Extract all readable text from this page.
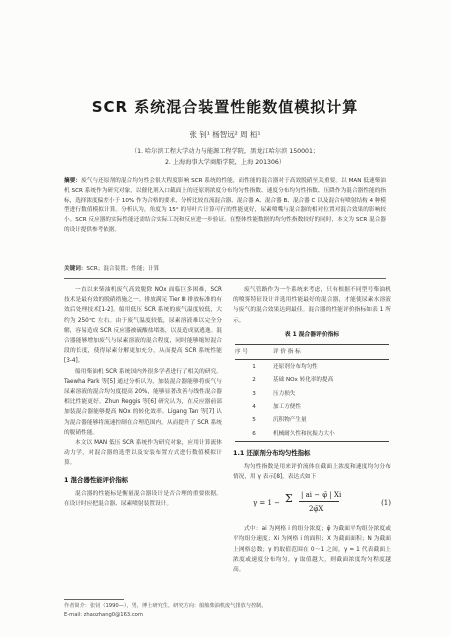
SCR 系统混合装置性能数值模拟计算
张 钊¹ 杨智远² 周 桓¹
（1. 哈尔滨工程大学动力与能源工程学院，黑龙江哈尔滨 150001；
2. 上海海事大学商船学院，上海 201306）
摘要：废气与还原剂的混合均匀性会很大程度影响 SCR 系统的性能，而性能的混合器对于高效脱硝至关重要。以 MAN 低速柴油机 SCR 系统作为研究对象，以催化剂入口截面上的还原剂浓度分布均匀性指数、速度分布均匀性指数、压降作为混合器性能的指标，选择浓度偏差小于 10% 作为合格的要求，分析比较直流混合器、混合器 A、混合器 B、混合器 C 以及混合有喷射结构 4 种模型进行数值模拟计算。分析认为，角度为 15° 的导叶片计算可行的性能更好，尿素喷嘴与混合器的相对位置对混合效果的影响较小。SCR 反应器的实际性能还需结合实际工况和反应进一步验证。在整体性能数据的均匀性指数较好的同时，本文为 SCR 混合器的设计提供参考依据。
关键词：SCR；混合装置；性能；计算

一直以来柴油机废气高效脱除 NOx 面临巨多困难，SCR 技术是最有效的脱硝措施之一。排放满足 Tier Ⅲ 排放标准的有效后处理技术[1-2]。船用低压 SCR 系统的废气温度较低，大约为 250℃ 左右。由于废气温度较低，尿素溶液难以完全分解，容易造成 SCR 反应器被硫酸盐堵塞，以及造成氨逃逸。混合器能够增加废气与尿素溶液的混合程度，同时能够缩短混合段的长度，使得尿素分解更加充分，从而提高 SCR 系统性能[3-4]。

船用柴油机 SCR 系统国内外很多学者进行了相关的研究。Taewha Park 等[5] 通过分析认为，加装混合器能够将废气与尿素溶液的混合均匀度提高 20%，能够显著改善与线性混合器相比性能更好。Zhun Reggis 等[6] 研究认为，在反应器前部加装混合器能够提高 NOx 的转化效率。Ligang Tan 等[7] 认为混合器能够将流速控制在合理范围内，从而提升了 SCR 系统的脱硝性能。

本文以 MAN 低压 SCR 系统作为研究对象，应用计算流体动力学，对混合器的选型以及安装布置方式进行数值模拟计算。

1 混合器性能评价指标

混合器的性能标是衡量混合器设计是否合理的重要依据。在设计时应把混合器、尿素喷射装置设计。

废气管路作为一个系统来考虑，只有根据不同型号柴油机的喷雾特征设计并选用性能最好的混合器，才能使尿素水溶液与废气的混合效果达到最佳。混合器的性能评价指标如表 1 所示。

表 1 混合器评价指标
序 号	评 价 指 标
1	还原剂分布均匀性
2	基础 NOx 转化率的提高
3	压力损失
4	加工方便性
5	沉积物产生量
6	机械耐久性和抗振力大小
1.1 还原剂分布均匀性指标

均匀性指数是用来评价流体在截面上浓度和速度均匀分布情况，用 γ 表示[8]，表达式如下

γ = 1 − Σ | ai − φ̄ | Xi
2φ̄X
(1)

式中：ai 为网格 i 的组分浓度；φ̄ 为截面平均组分浓度或平均组分速度；Xi 为网格 i 的面积；X 为截面面积；N 为截面上网格总数；γ 的取值范围在 0～1 之间，γ = 1 代表截面上浓度或速度分布均匀，γ 取值越大，则截面浓度均匀程度越高。

作者简介：张钊（1990—），男，博士研究生，研究方向：船舶柴油机废气排放与控制。
E-mail: zhaozhang0@163.com
